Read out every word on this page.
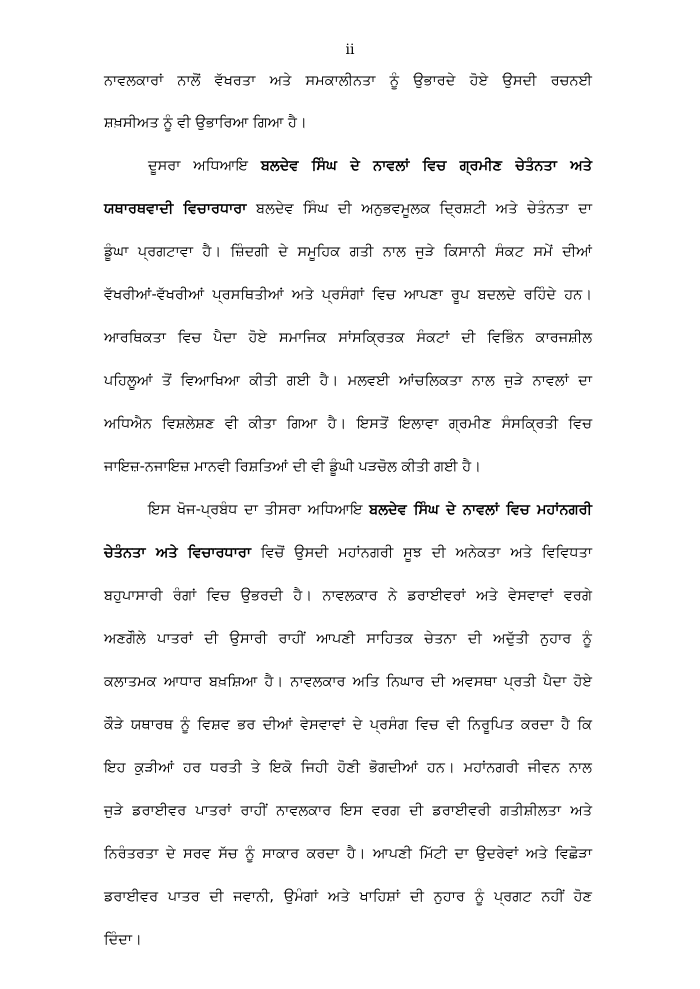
ii
ਨਾਵਲਕਾਰਾਂ ਨਾਲੋਂ ਵੱਖਰਤਾ ਅਤੇ ਸਮਕਾਲੀਨਤਾ ਨੂੰ ਉਭਾਰਦੇ ਹੋਏ ਉਸਦੀ ਰਚਨਈ
ਸ਼ਖ਼ਸੀਅਤ ਨੂੰ ਵੀ ਉਭਾਰਿਆ ਗਿਆ ਹੈ।
ਦੂਸਰਾ ਅਧਿਆਇ ਬਲਦੇਵ ਸਿੰਘ ਦੇ ਨਾਵਲਾਂ ਵਿਚ ਗ੍ਰਮੀਣ ਚੇਤੰਨਤਾ ਅਤੇ
ਯਥਾਰਥਵਾਦੀ ਵਿਚਾਰਧਾਰਾ ਬਲਦੇਵ ਸਿੰਘ ਦੀ ਅਨੁਭਵਮੂਲਕ ਦ੍ਰਿਸ਼ਟੀ ਅਤੇ ਚੇਤੰਨਤਾ ਦਾ
ਡੂੰਘਾ ਪ੍ਰਗਟਾਵਾ ਹੈ। ਜ਼ਿੰਦਗੀ ਦੇ ਸਮੂਹਿਕ ਗਤੀ ਨਾਲ ਜੁੜੇ ਕਿਸਾਨੀ ਸੰਕਟ ਸਮੇਂ ਦੀਆਂ
ਵੱਖਰੀਆਂ-ਵੱਖਰੀਆਂ ਪ੍ਰਸਥਿਤੀਆਂ ਅਤੇ ਪ੍ਰਸੰਗਾਂ ਵਿਚ ਆਪਣਾ ਰੂਪ ਬਦਲਦੇ ਰਹਿੰਦੇ ਹਨ।
ਆਰਥਿਕਤਾ ਵਿਚ ਪੈਦਾ ਹੋਏ ਸਮਾਜਿਕ ਸਾਂਸਕ੍ਰਿਤਕ ਸੰਕਟਾਂ ਦੀ ਵਿਭਿੰਨ ਕਾਰਜਸ਼ੀਲ
ਪਹਿਲੂਆਂ ਤੋਂ ਵਿਆਖਿਆ ਕੀਤੀ ਗਈ ਹੈ। ਮਲਵਈ ਆਂਚਲਿਕਤਾ ਨਾਲ ਜੁੜੇ ਨਾਵਲਾਂ ਦਾ
ਅਧਿਐਨ ਵਿਸ਼ਲੇਸ਼ਣ ਵੀ ਕੀਤਾ ਗਿਆ ਹੈ। ਇਸਤੋਂ ਇਲਾਵਾ ਗ੍ਰਮੀਣ ਸੰਸਕ੍ਰਿਤੀ ਵਿਚ
ਜਾਇਜ਼-ਨਜਾਇਜ਼ ਮਾਨਵੀ ਰਿਸ਼ਤਿਆਂ ਦੀ ਵੀ ਡੂੰਘੀ ਪੜਚੋਲ ਕੀਤੀ ਗਈ ਹੈ।
ਇਸ ਖੋਜ-ਪ੍ਰਬੰਧ ਦਾ ਤੀਸਰਾ ਅਧਿਆਇ ਬਲਦੇਵ ਸਿੰਘ ਦੇ ਨਾਵਲਾਂ ਵਿਚ ਮਹਾਂਨਗਰੀ
ਚੇਤੰਨਤਾ ਅਤੇ ਵਿਚਾਰਧਾਰਾ ਵਿਚੋਂ ਉਸਦੀ ਮਹਾਂਨਗਰੀ ਸੂਝ ਦੀ ਅਨੇਕਤਾ ਅਤੇ ਵਿਵਿਧਤਾ
ਬਹੁਪਾਸਾਰੀ ਰੰਗਾਂ ਵਿਚ ਉਭਰਦੀ ਹੈ। ਨਾਵਲਕਾਰ ਨੇ ਡਰਾਈਵਰਾਂ ਅਤੇ ਵੇਸਵਾਵਾਂ ਵਰਗੇ
ਅਣਗੌਲੇ ਪਾਤਰਾਂ ਦੀ ਉਸਾਰੀ ਰਾਹੀਂ ਆਪਣੀ ਸਾਹਿਤਕ ਚੇਤਨਾ ਦੀ ਅਦੁੱਤੀ ਨੁਹਾਰ ਨੂੰ
ਕਲਾਤਮਕ ਆਧਾਰ ਬਖ਼ਸ਼ਿਆ ਹੈ। ਨਾਵਲਕਾਰ ਅਤਿ ਨਿਘਾਰ ਦੀ ਅਵਸਥਾ ਪ੍ਰਤੀ ਪੈਦਾ ਹੋਏ
ਕੌੜੇ ਯਥਾਰਥ ਨੂੰ ਵਿਸ਼ਵ ਭਰ ਦੀਆਂ ਵੇਸਵਾਵਾਂ ਦੇ ਪ੍ਰਸੰਗ ਵਿਚ ਵੀ ਨਿਰੂਪਿਤ ਕਰਦਾ ਹੈ ਕਿ
ਇਹ ਕੁੜੀਆਂ ਹਰ ਧਰਤੀ ਤੇ ਇਕੋ ਜਿਹੀ ਹੋਣੀ ਭੋਗਦੀਆਂ ਹਨ। ਮਹਾਂਨਗਰੀ ਜੀਵਨ ਨਾਲ
ਜੁੜੇ ਡਰਾਈਵਰ ਪਾਤਰਾਂ ਰਾਹੀਂ ਨਾਵਲਕਾਰ ਇਸ ਵਰਗ ਦੀ ਡਰਾਈਵਰੀ ਗਤੀਸ਼ੀਲਤਾ ਅਤੇ
ਨਿਰੰਤਰਤਾ ਦੇ ਸਰਵ ਸੱਚ ਨੂੰ ਸਾਕਾਰ ਕਰਦਾ ਹੈ। ਆਪਣੀ ਮਿੱਟੀ ਦਾ ਉਦਰੇਵਾਂ ਅਤੇ ਵਿਛੋੜਾ
ਡਰਾਈਵਰ ਪਾਤਰ ਦੀ ਜਵਾਨੀ, ਉਮੰਗਾਂ ਅਤੇ ਖਾਹਿਸ਼ਾਂ ਦੀ ਨੁਹਾਰ ਨੂੰ ਪ੍ਰਗਟ ਨਹੀਂ ਹੋਣ
ਦਿੰਦਾ।
